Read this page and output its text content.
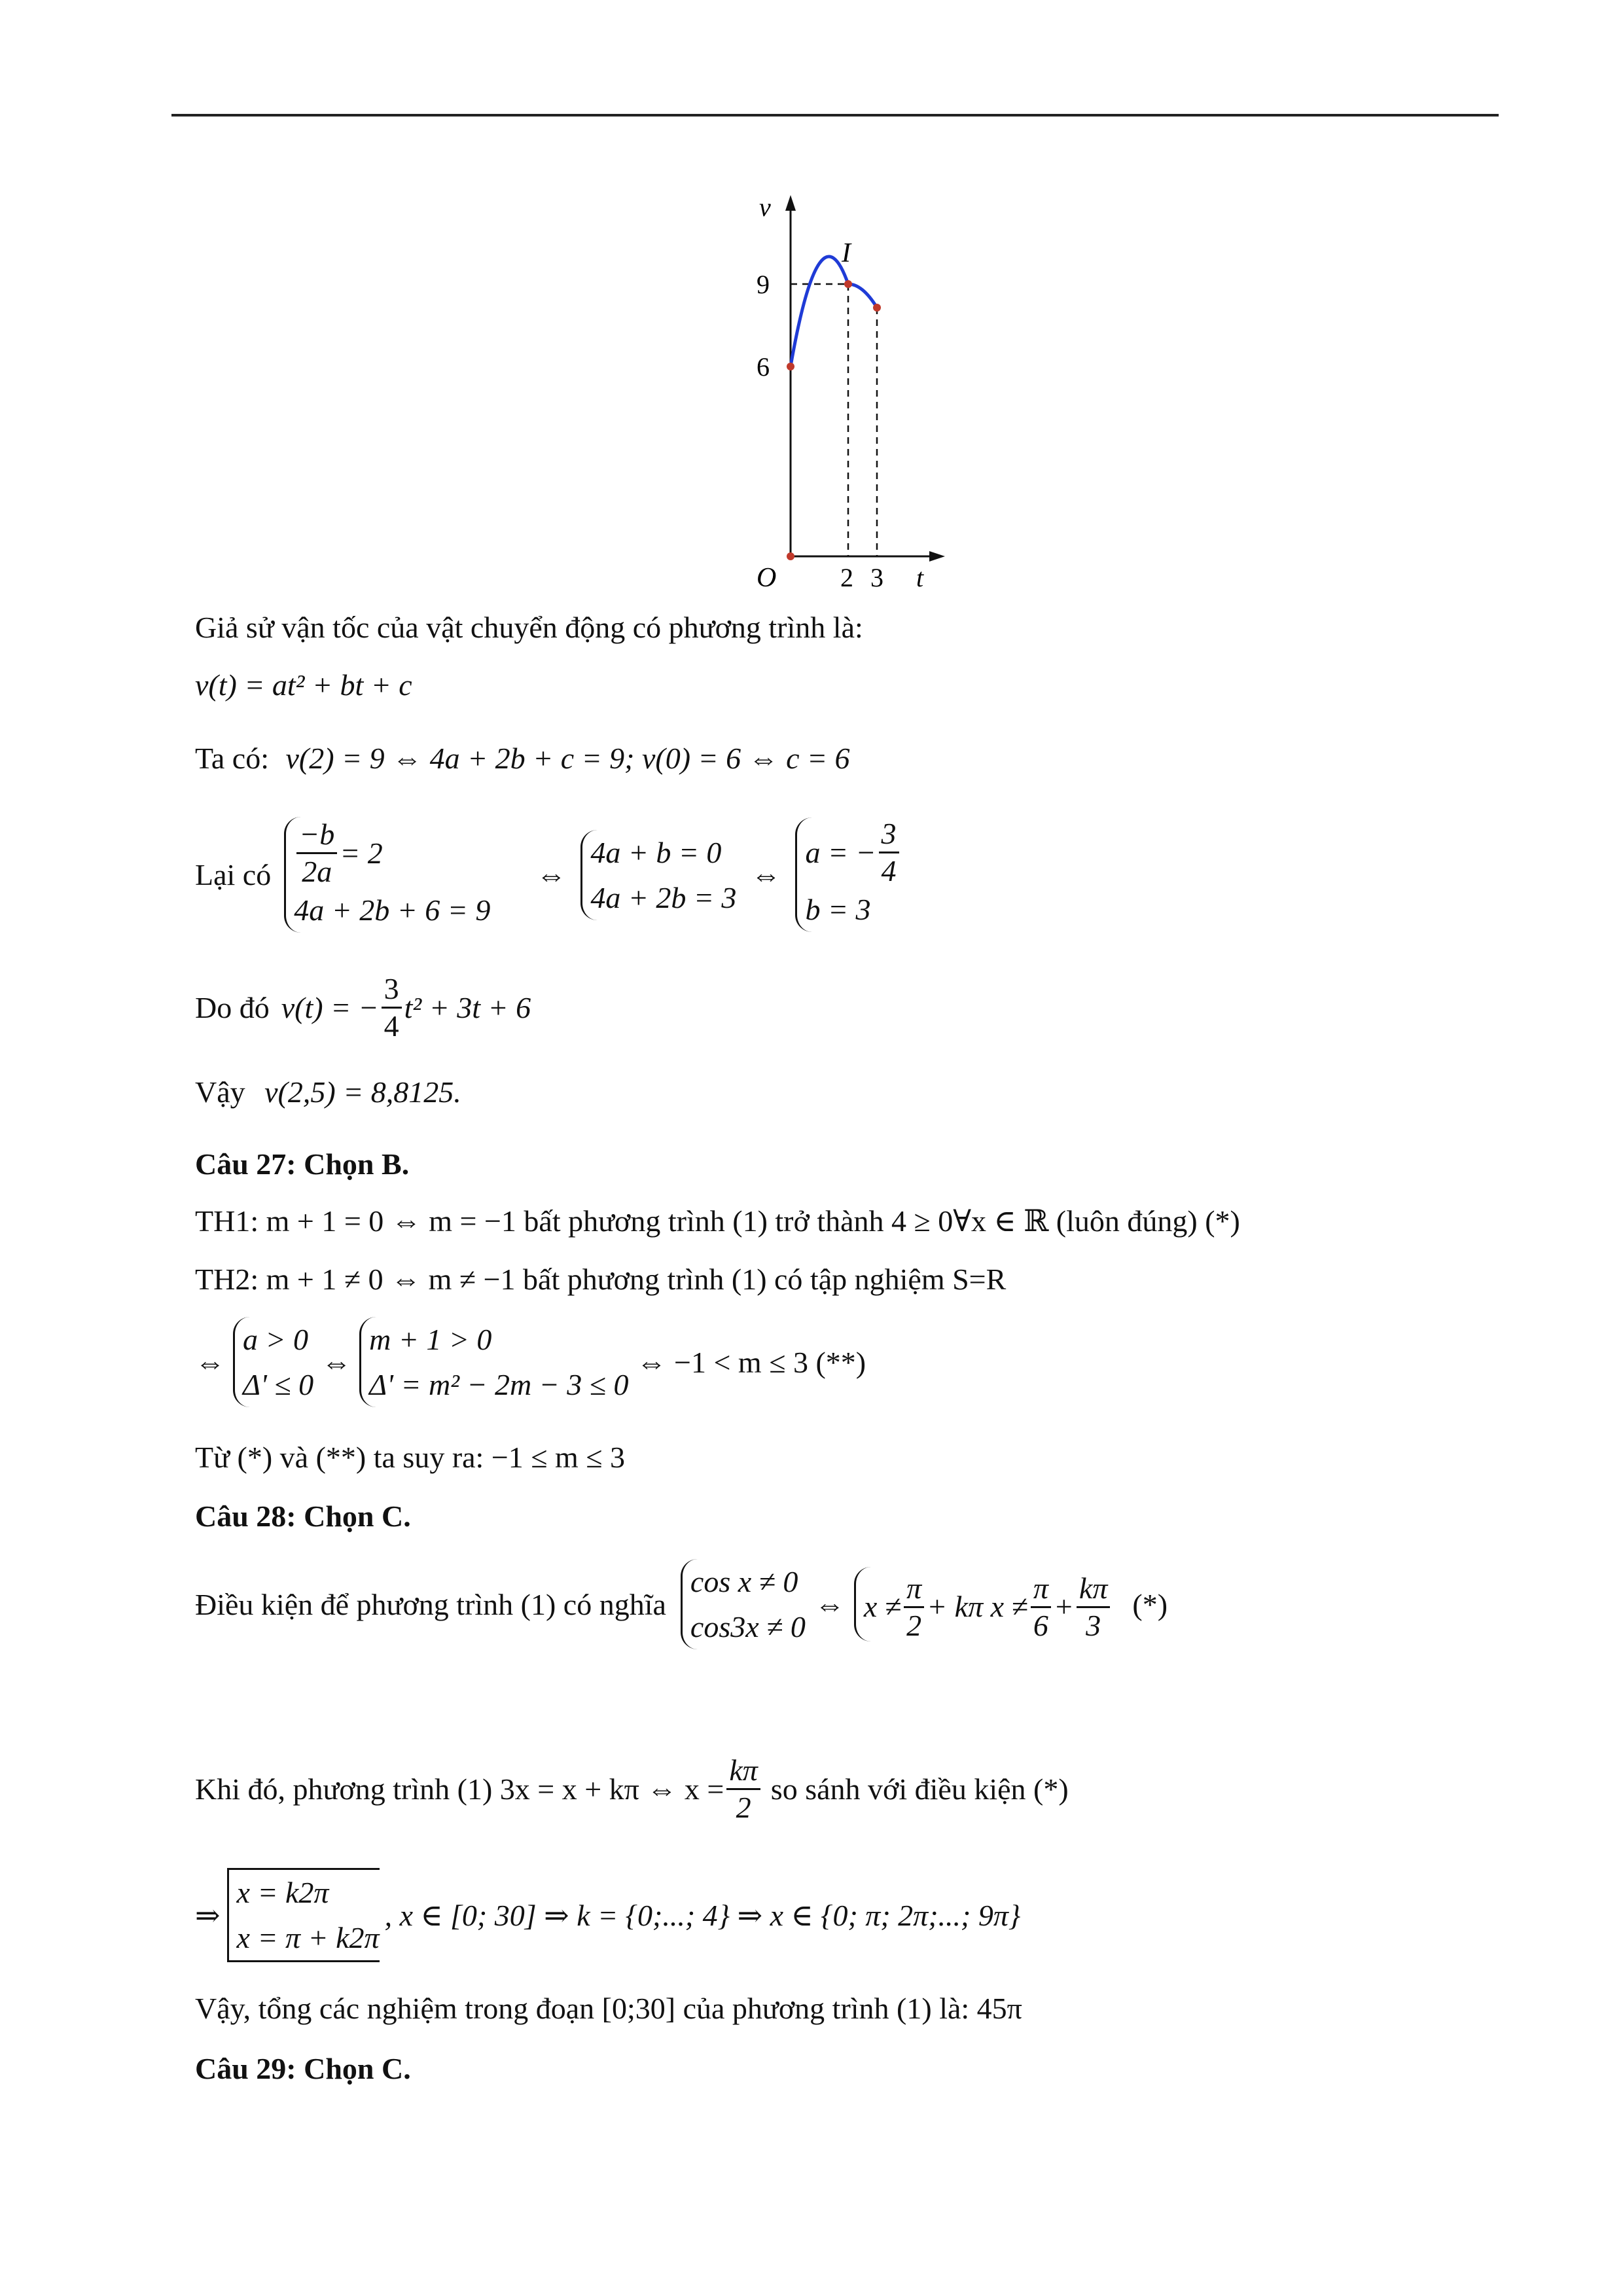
v
I
9
6
O 2 3 t
Giả sử vận tốc của vật chuyển động có phương trình là:
v(t) = at² + bt + c
Ta có: v(2) = 9 ⇔ 4a + 2b + c = 9; v(0) = 6 ⇔ c = 6
Lại có $\frac{-b}{2a} = 2$
4a + 2b + 6 = 9
⇔
4a + b = 0
4a + 2b = 3
⇔
a = − $\frac{3}{4}$
b = 3
Do đó v(t) = − $\frac{3}{4} t^2 + 3t + 6$
Vậy v(2,5) = 8,8125.
Câu 27: Chọn B.
TH1: m + 1 = 0 ⇔ m = −1 bất phương trình (1) trở thành 4 ≥ 0∀x ∈ ℝ (luôn đúng) (*)
TH2: m + 1 ≠ 0 ⇔ m ≠ −1 bất phương trình (1) có tập nghiệm S=R
⇔
a > 0
Δ' ≤ 0
⇔
m + 1 > 0
Δ' = m² − 2m − 3 ≤ 0
⇔ −1 < m ≤ 3 (**)
Từ (*) và (**) ta suy ra: −1 ≤ m ≤ 3
Câu 28: Chọn C.
Điều kiện để phương trình (1) có nghĩa
cos x ≠ 0
cos3x ≠ 0
⇔ $x \ne \frac{\pi}{2} + k\pi$
$x \ne \frac{\pi}{6} + \frac{k\pi}{3}$ (*)
Khi đó, phương trình (1) 3x = x + kπ ⇔ $x = \frac{k\pi}{2}$ so sánh với điều kiện (*)
⇒
x = k2π
x = π + k2π
, x ∈ [0; 30] ⇒ k = {0;...; 4} ⇒ x ∈ {0; π; 2π;...; 9π}
Vậy, tổng các nghiệm trong đoạn [0;30] của phương trình (1) là: 45π
Câu 29: Chọn C.
